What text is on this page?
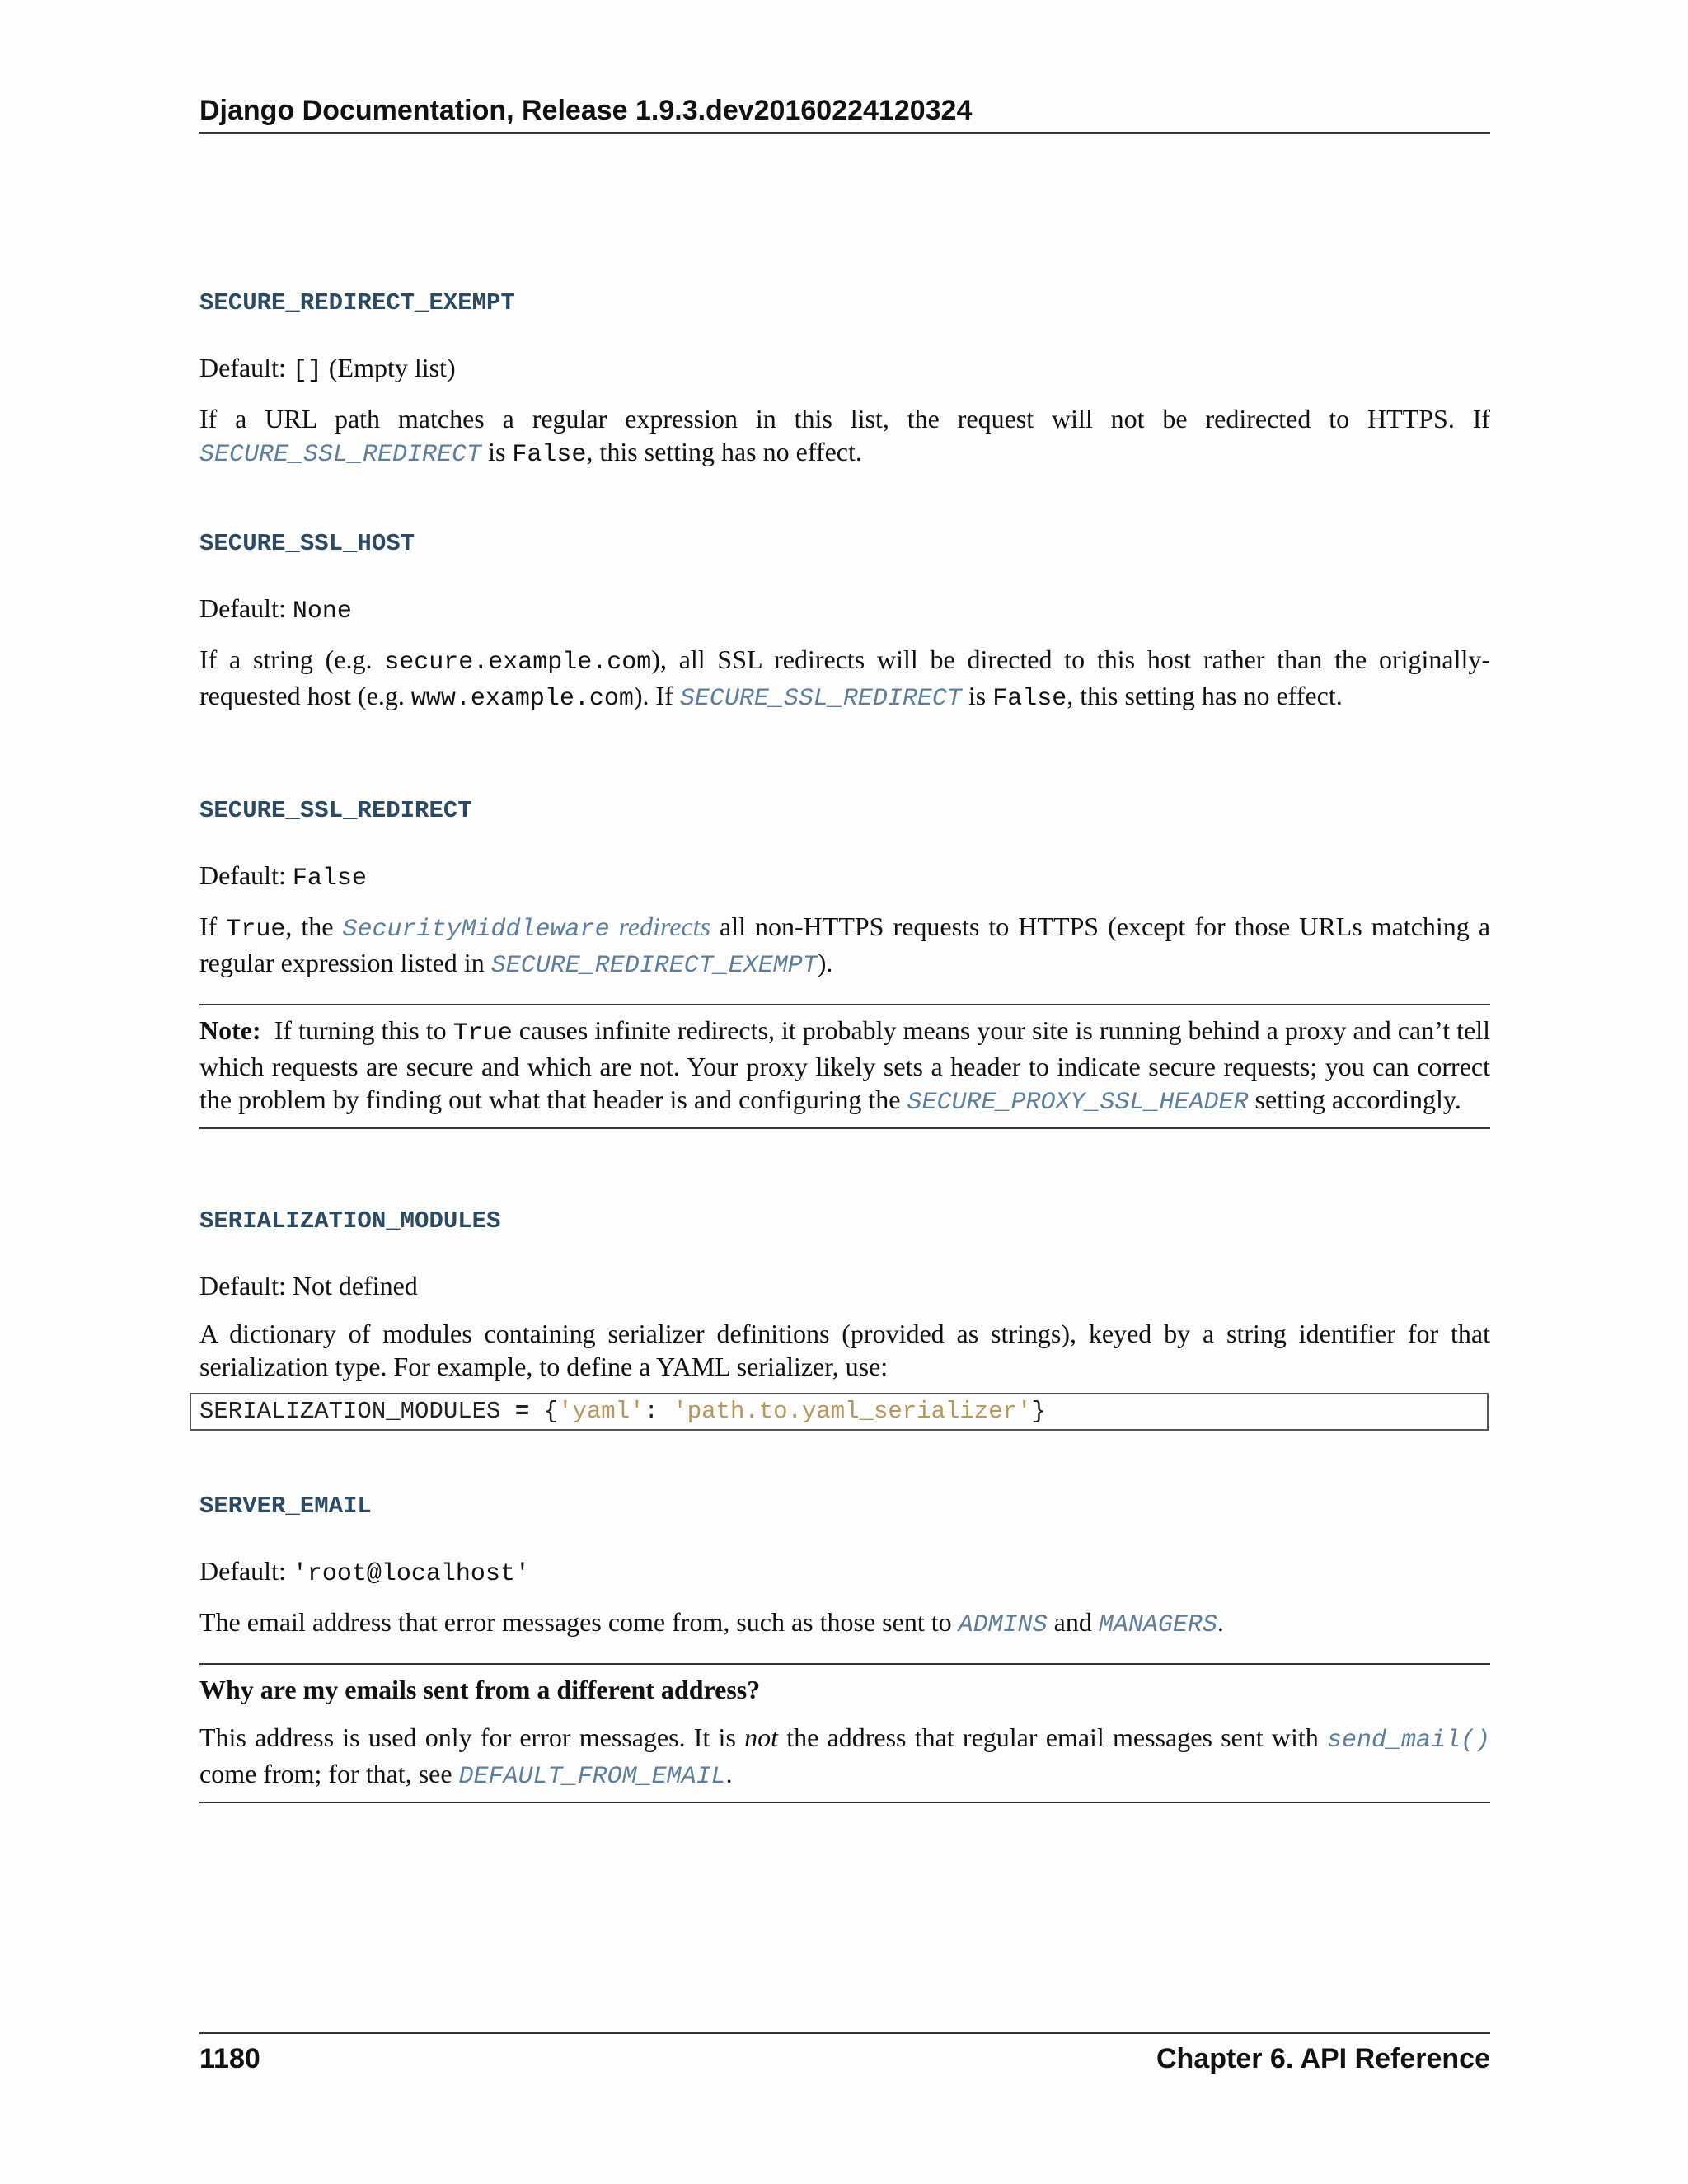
Django Documentation, Release 1.9.3.dev20160224120324
SECURE_REDIRECT_EXEMPT

Default: [] (Empty list)

If a URL path matches a regular expression in this list, the request will not be redirected to HTTPS. If SECURE_SSL_REDIRECT is False, this setting has no effect.

SECURE_SSL_HOST

Default: None

If a string (e.g. secure.example.com), all SSL redirects will be directed to this host rather than the originally-requested host (e.g. www.example.com). If SECURE_SSL_REDIRECT is False, this setting has no effect.

SECURE_SSL_REDIRECT

Default: False

If True, the SecurityMiddleware redirects all non-HTTPS requests to HTTPS (except for those URLs matching a regular expression listed in SECURE_REDIRECT_EXEMPT).

Note: If turning this to True causes infinite redirects, it probably means your site is running behind a proxy and can’t tell which requests are secure and which are not. Your proxy likely sets a header to indicate secure requests; you can correct the problem by finding out what that header is and configuring the SECURE_PROXY_SSL_HEADER setting accordingly.

SERIALIZATION_MODULES

Default: Not defined

A dictionary of modules containing serializer definitions (provided as strings), keyed by a string identifier for that serialization type. For example, to define a YAML serializer, use:

SERIALIZATION_MODULES = {'yaml': 'path.to.yaml_serializer'}
SERVER_EMAIL

Default: 'root@localhost'

The email address that error messages come from, such as those sent to ADMINS and MANAGERS.

Why are my emails sent from a different address?

This address is used only for error messages. It is not the address that regular email messages sent with send_mail() come from; for that, see DEFAULT_FROM_EMAIL.

1180	Chapter 6. API Reference
